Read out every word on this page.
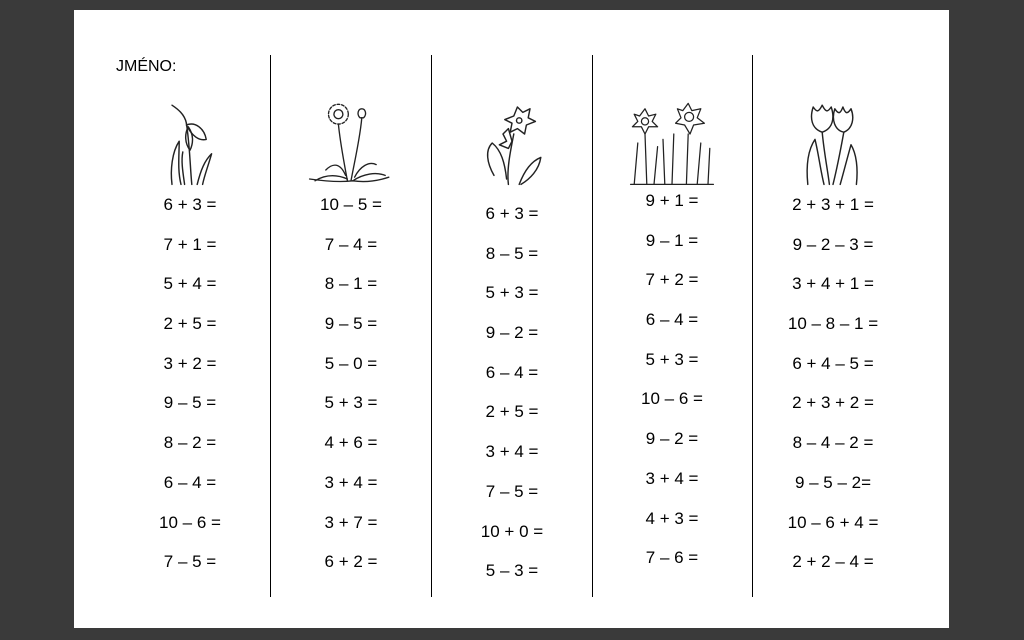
JMÉNO:
6 + 3 =
7 + 1 =
5 + 4 =
2 + 5 =
3 + 2 =
9 – 5 =
8 – 2 =
6 – 4 =
10 – 6 =
7 – 5 =
10 – 5 =
7 – 4 =
8 – 1 =
9 – 5 =
5 – 0 =
5 + 3 =
4 + 6 =
3 + 4 =
3 + 7 =
6 + 2 =
6 + 3 =
8 – 5 =
5 + 3 =
9 – 2 =
6 – 4 =
2 + 5 =
3 + 4 =
7 – 5 =
10 + 0 =
5 – 3 =
9 + 1 =
9 – 1 =
7 + 2 =
6 – 4 =
5 + 3 =
10 – 6 =
9 – 2 =
3 + 4 =
4 + 3 =
7 – 6 =
2 + 3 + 1 =
9 – 2 – 3 =
3 + 4 + 1 =
10 – 8 – 1 =
6 + 4 – 5 =
2 + 3 + 2 =
8 – 4 – 2 =
9 – 5 – 2=
10 – 6 + 4 =
2 + 2 – 4 =
